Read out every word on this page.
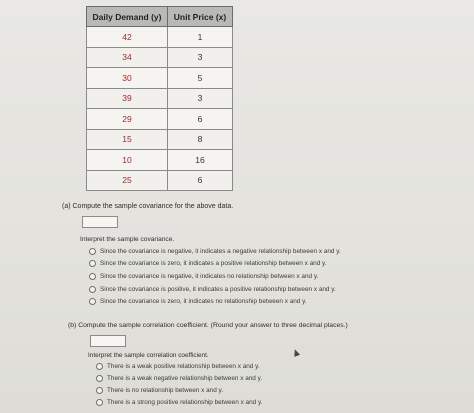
Daily Demand (y)	Unit Price (x)
42	1
34	3
30	5
39	3
29	6
15	8
10	16
25	6
(a) Compute the sample covariance for the above data.
Interpret the sample covariance.
Since the covariance is negative, it indicates a negative relationship between x and y.
Since the covariance is zero, it indicates a positive relationship between x and y.
Since the covariance is negative, it indicates no relationship between x and y.
Since the covariance is positive, it indicates a positive relationship between x and y.
Since the covariance is zero, it indicates no relationship between x and y.
(b) Compute the sample correlation coefficient. (Round your answer to three decimal places.)
Interpret the sample correlation coefficient.
There is a weak positive relationship between x and y.
There is a weak negative relationship between x and y.
There is no relationship between x and y.
There is a strong positive relationship between x and y.
